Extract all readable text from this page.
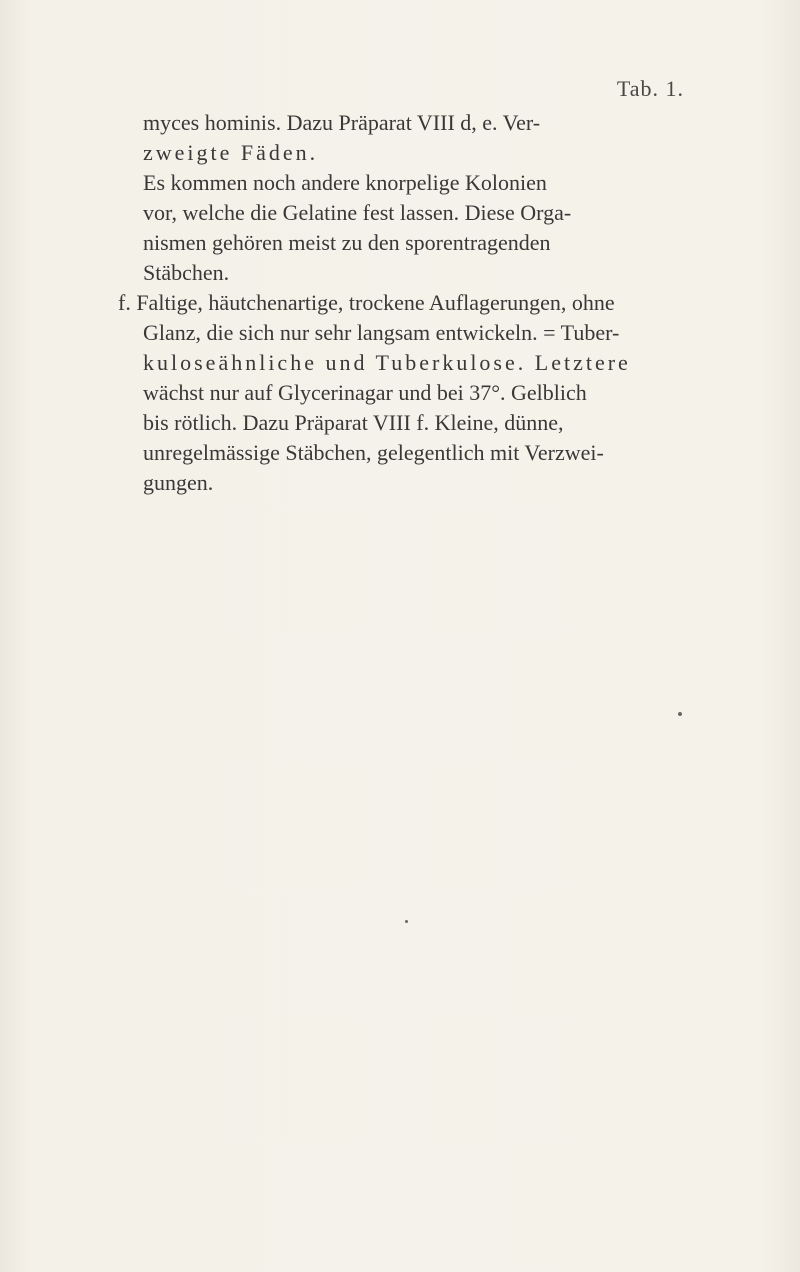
Tab. 1.
myces hominis. Dazu Präparat VIII d, e. Ver-
zweigte Fäden.
Es kommen noch andere knorpelige Kolonien
vor, welche die Gelatine fest lassen. Diese Orga-
nismen gehören meist zu den sporentragenden
Stäbchen.
f. Faltige, häutchenartige, trockene Auflagerungen, ohne
Glanz, die sich nur sehr langsam entwickeln. = Tuber-
kuloseähnliche und Tuberkulose. Letztere
wächst nur auf Glycerinagar und bei 37°. Gelblich
bis rötlich. Dazu Präparat VIII f. Kleine, dünne,
unregelmässige Stäbchen, gelegentlich mit Verzwei-
gungen.
